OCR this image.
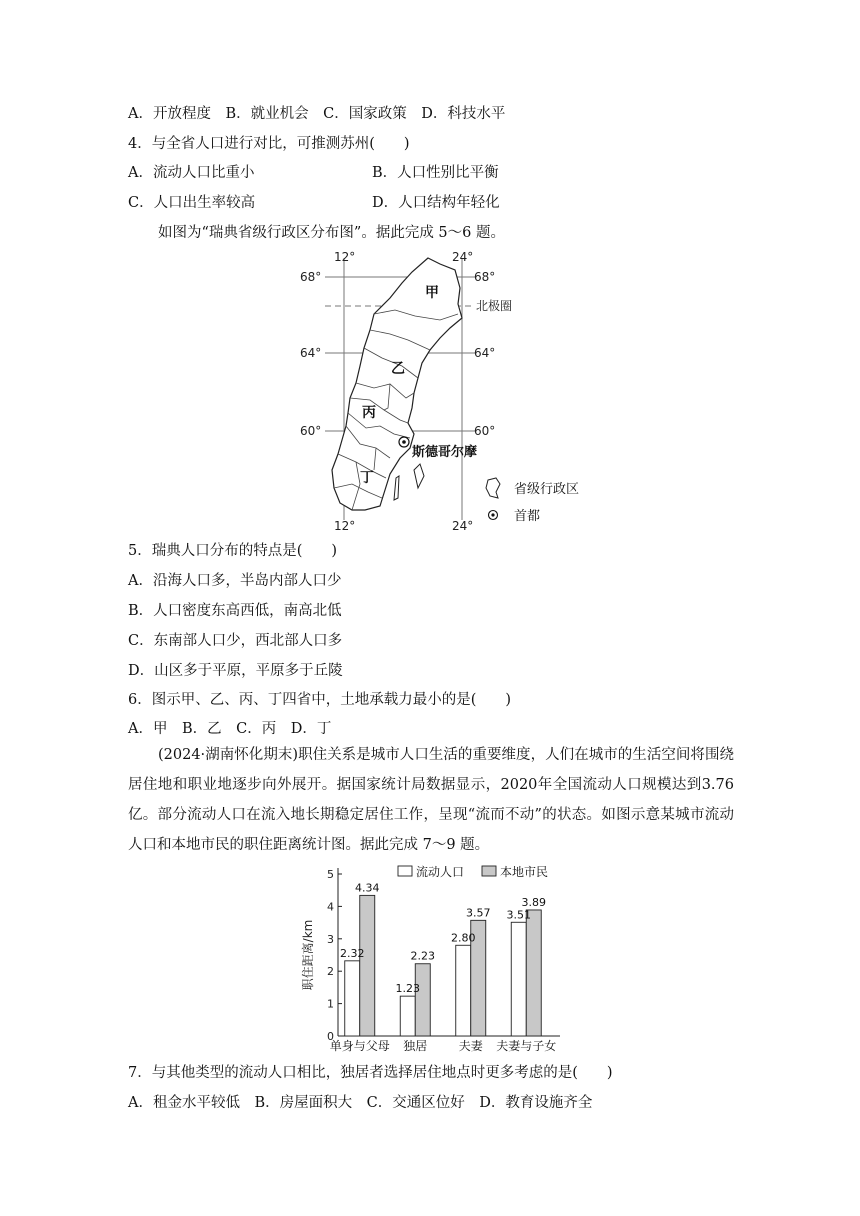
A．开放程度　B．就业机会　C．国家政策　D．科技水平
4．与全省人口进行对比，可推测苏州(　　)
A．流动人口比重小	B．人口性别比平衡
C．人口出生率较高	D．人口结构年轻化
如图为“瑞典省级行政区分布图”。据此完成 5～6 题。
12°	24°
12°	24°
68°	68°
64°	64°
60°	60°
北极圈
甲
乙
丙
丁
斯德哥尔摩
省级行政区
首都
5．瑞典人口分布的特点是(　　)
A．沿海人口多，半岛内部人口少
B．人口密度东高西低，南高北低
C．东南部人口少，西北部人口多
D．山区多于平原，平原多于丘陵
6．图示甲、乙、丙、丁四省中，土地承载力最小的是(　　)
A．甲　B．乙　C．丙　D．丁
(2024·湖南怀化期末)职住关系是城市人口生活的重要维度，人们在城市的生活空间将围绕居住地和职业地逐步向外展开。据国家统计局数据显示，2020年全国流动人口规模达到3.76亿。部分流动人口在流入地长期稳定居住工作，呈现“流而不动”的状态。如图示意某城市流动人口和本地市民的职住距离统计图。据此完成 7～9 题。
0
1
2
3
4
5
职住距离/km 2.32
4.34
单身与父母
1.23
2.23
独居
2.80
3.57
夫妻
3.51
3.89
夫妻与子女
流动人口	本地市民
7．与其他类型的流动人口相比，独居者选择居住地点时更多考虑的是(　　)
A．租金水平较低　B．房屋面积大　C．交通区位好　D．教育设施齐全
